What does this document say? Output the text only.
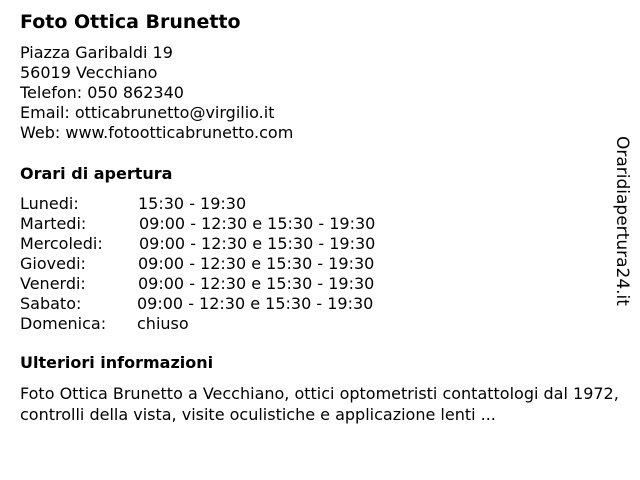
Foto Ottica Brunetto
Piazza Garibaldi 19
56019 Vecchiano
Telefon: 050 862340
Email: otticabrunetto@virgilio.it
Web: www.fotootticabrunetto.com
Orari di apertura
Lunedi:	15:30 - 19:30
Martedi:	09:00 - 12:30 e 15:30 - 19:30
Mercoledi: 09:00 - 12:30 e 15:30 - 19:30
Giovedi:	09:00 - 12:30 e 15:30 - 19:30
Venerdi:	09:00 - 12:30 e 15:30 - 19:30
Sabato:	09:00 - 12:30 e 15:30 - 19:30
Domenica: chiuso
Ulteriori informazioni

Foto Ottica Brunetto a Vecchiano, ottici optometristi contattologi dal 1972, controlli della vista, visite oculistiche e applicazione lenti ...

Oraridiapertura24.it
